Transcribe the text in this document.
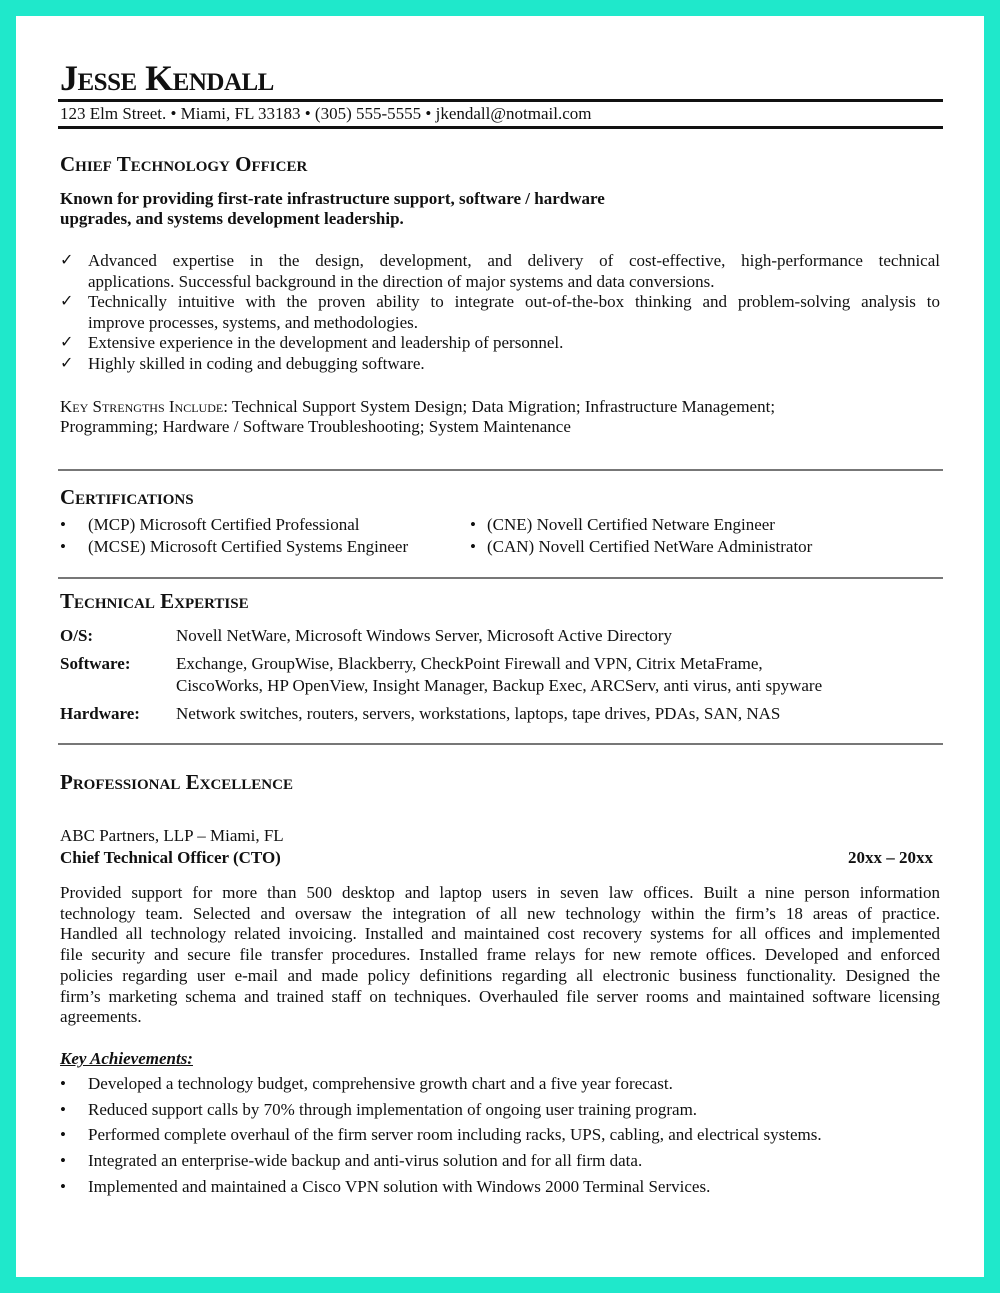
Jesse Kendall
123 Elm Street. • Miami, FL 33183 • (305) 555-5555 • jkendall@notmail.com
Chief Technology Officer
Known for providing first-rate infrastructure support, software / hardware
upgrades, and systems development leadership.
✓ Advanced expertise in the design, development, and delivery of cost-effective, high-performance technical
applications. Successful background in the direction of major systems and data conversions.
✓ Technically intuitive with the proven ability to integrate out-of-the-box thinking and problem-solving analysis to
improve processes, systems, and methodologies.
✓ Extensive experience in the development and leadership of personnel.
✓ Highly skilled in coding and debugging software.
Key Strengths Include: Technical Support System Design; Data Migration; Infrastructure Management;
Programming; Hardware / Software Troubleshooting; System Maintenance
Certifications
• (MCP) Microsoft Certified Professional	• (CNE) Novell Certified Netware Engineer
• (MCSE) Microsoft Certified Systems Engineer	• (CAN) Novell Certified NetWare Administrator
Technical Expertise
O/S:	Novell NetWare, Microsoft Windows Server, Microsoft Active Directory
Software:	Exchange, GroupWise, Blackberry, CheckPoint Firewall and VPN, Citrix MetaFrame,
CiscoWorks, HP OpenView, Insight Manager, Backup Exec, ARCServ, anti virus, anti spyware
Hardware: Network switches, routers, servers, workstations, laptops, tape drives, PDAs, SAN, NAS
Professional Excellence
ABC Partners, LLP – Miami, FL
Chief Technical Officer (CTO)	20xx – 20xx
Provided support for more than 500 desktop and laptop users in seven law offices. Built a nine person information
technology team. Selected and oversaw the integration of all new technology within the firm’s 18 areas of practice.
Handled all technology related invoicing. Installed and maintained cost recovery systems for all offices and implemented
file security and secure file transfer procedures. Installed frame relays for new remote offices. Developed and enforced
policies regarding user e-mail and made policy definitions regarding all electronic business functionality. Designed the
firm’s marketing schema and trained staff on techniques. Overhauled file server rooms and maintained software licensing
agreements.
Key Achievements:
• Developed a technology budget, comprehensive growth chart and a five year forecast.
• Reduced support calls by 70% through implementation of ongoing user training program.
• Performed complete overhaul of the firm server room including racks, UPS, cabling, and electrical systems.
• Integrated an enterprise-wide backup and anti-virus solution and for all firm data.
• Implemented and maintained a Cisco VPN solution with Windows 2000 Terminal Services.
